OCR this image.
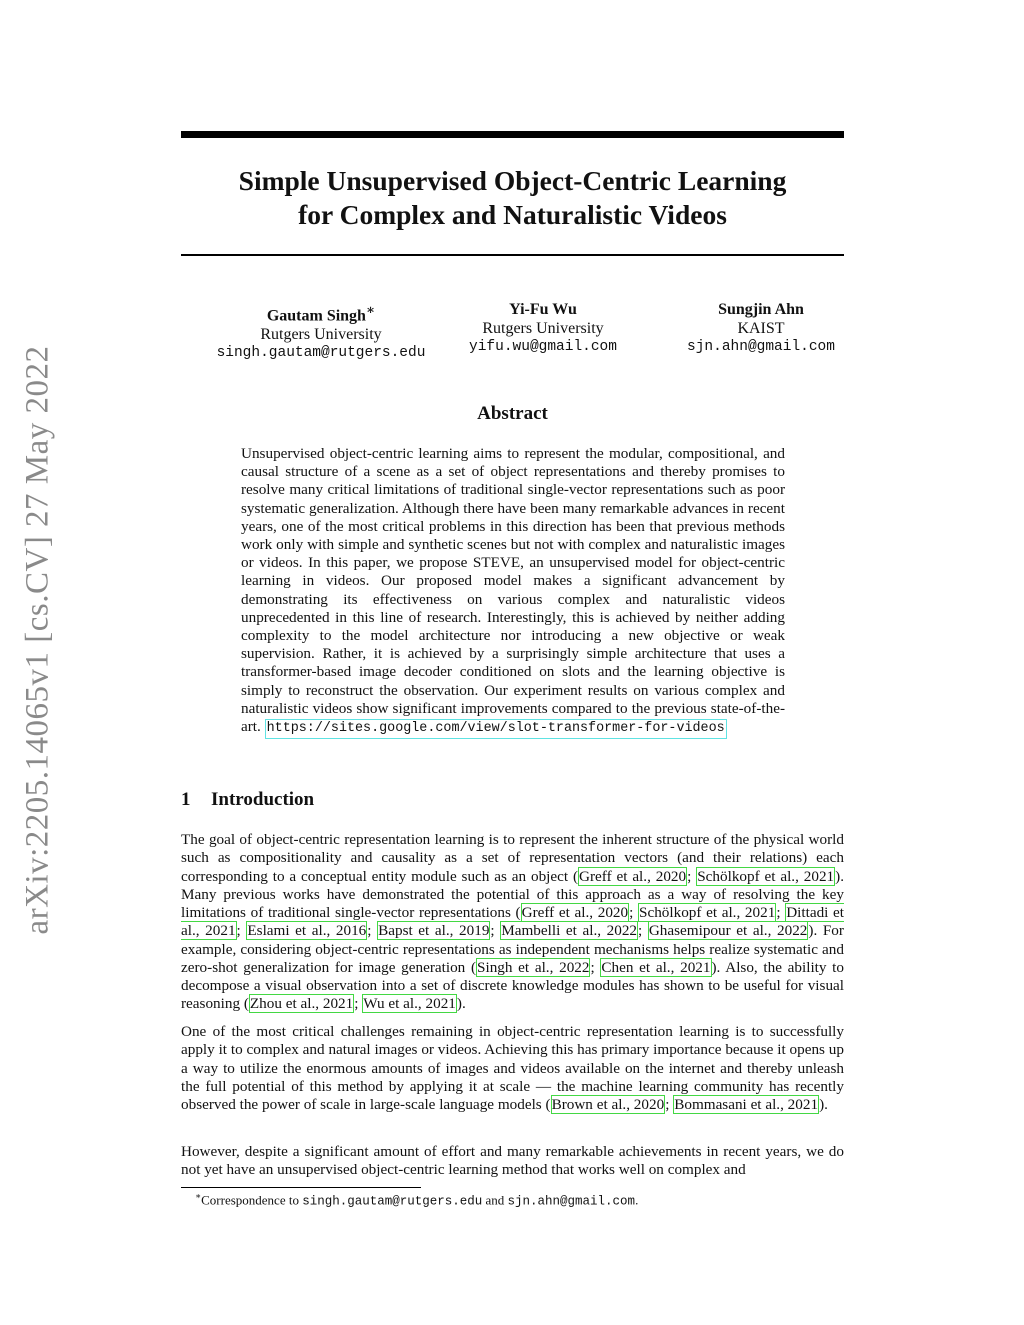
arXiv:2205.14065v1 [cs.CV] 27 May 2022
Simple Unsupervised Object-Centric Learning
for Complex and Naturalistic Videos
Gautam Singh∗
Rutgers University
singh.gautam@rutgers.edu
Yi-Fu Wu
Rutgers University
yifu.wu@gmail.com
Sungjin Ahn
KAIST
sjn.ahn@gmail.com
Abstract
Unsupervised object-centric learning aims to represent the modular, compositional, and causal structure of a scene as a set of object representations and thereby promises to resolve many critical limitations of traditional single-vector representations such as poor systematic generalization. Although there have been many remarkable advances in recent years, one of the most critical problems in this direction has been that previous methods work only with simple and synthetic scenes but not with complex and naturalistic images or videos. In this paper, we propose STEVE, an unsupervised model for object-centric learning in videos. Our proposed model makes a significant advancement by demonstrating its effectiveness on various complex and naturalistic videos unprecedented in this line of research. Interestingly, this is achieved by neither adding complexity to the model architecture nor introducing a new objective or weak supervision. Rather, it is achieved by a surprisingly simple architecture that uses a transformer-based image decoder conditioned on slots and the learning objective is simply to reconstruct the observation. Our experiment results on various complex and naturalistic videos show significant improvements compared to the previous state-of-the-art. https://sites.google.com/view/slot-transformer-for-videos
1 Introduction
The goal of object-centric representation learning is to represent the inherent structure of the physical world such as compositionality and causality as a set of representation vectors (and their relations) each corresponding to a conceptual entity module such as an object (Greff et al., 2020; Schölkopf et al., 2021). Many previous works have demonstrated the potential of this approach as a way of resolving the key limitations of traditional single-vector representations (Greff et al., 2020; Schölkopf et al., 2021; Dittadi et al., 2021; Eslami et al., 2016; Bapst et al., 2019; Mambelli et al., 2022; Ghasemipour et al., 2022). For example, considering object-centric representations as independent mechanisms helps realize systematic and zero-shot generalization for image generation (Singh et al., 2022; Chen et al., 2021). Also, the ability to decompose a visual observation into a set of discrete knowledge modules has shown to be useful for visual reasoning (Zhou et al., 2021; Wu et al., 2021).
One of the most critical challenges remaining in object-centric representation learning is to successfully apply it to complex and natural images or videos. Achieving this has primary importance because it opens up a way to utilize the enormous amounts of images and videos available on the internet and thereby unleash the full potential of this method by applying it at scale — the machine learning community has recently observed the power of scale in large-scale language models (Brown et al., 2020; Bommasani et al., 2021).
However, despite a significant amount of effort and many remarkable achievements in recent years, we do not yet have an unsupervised object-centric learning method that works well on complex and
∗Correspondence to singh.gautam@rutgers.edu and sjn.ahn@gmail.com.
